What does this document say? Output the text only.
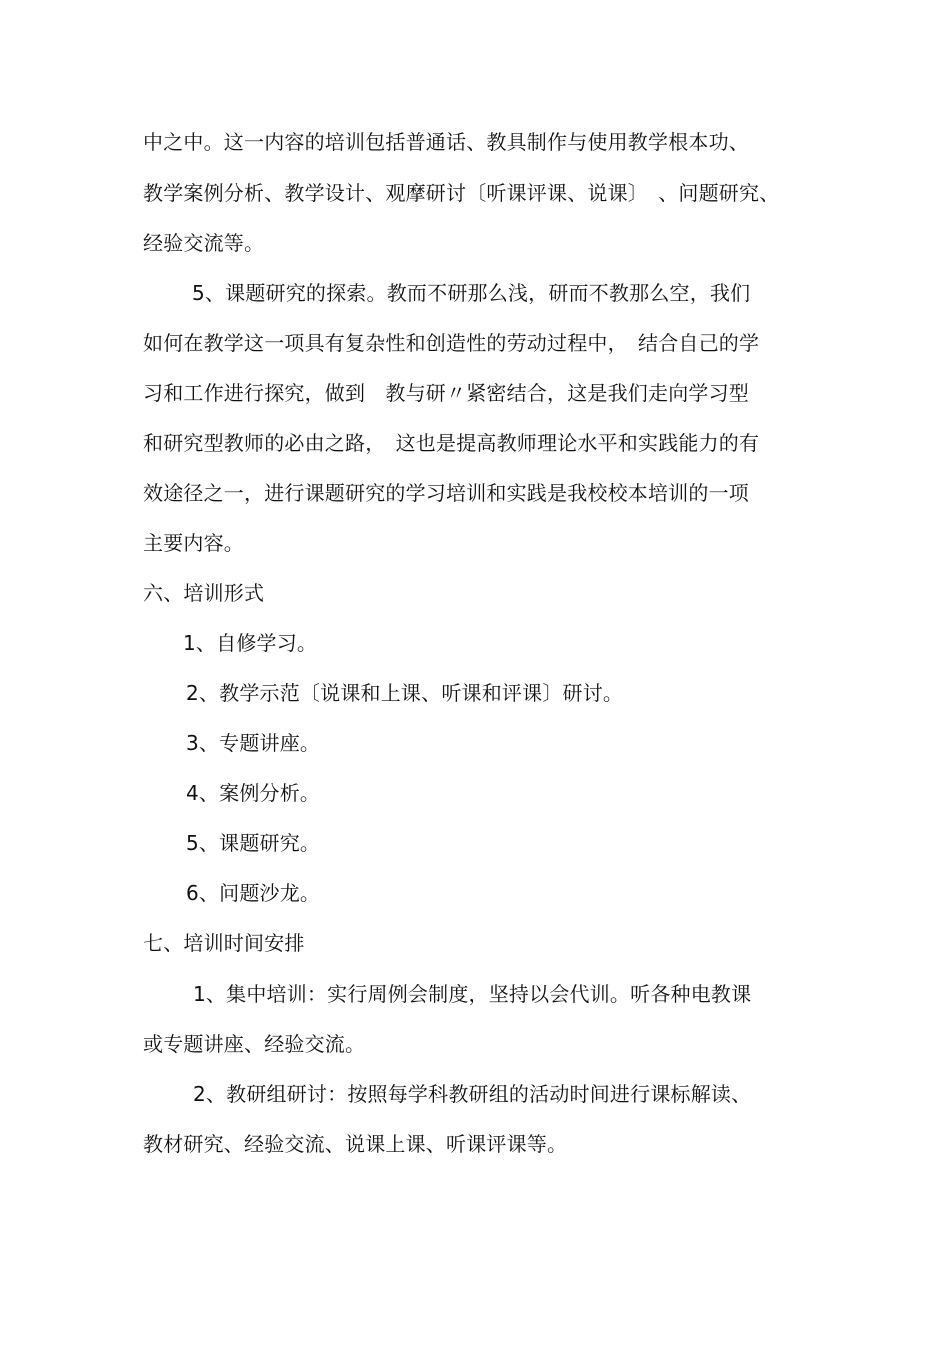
中之中。这一内容的培训包括普通话、教具制作与使用教学根本功、
教学案例分析、教学设计、观摩研讨〔听课评课、说课〕　、问题研究、
经验交流等。
5、课题研究的探索。教而不研那么浅，研而不教那么空，我们
如何在教学这一项具有复杂性和创造性的劳动过程中，　结合自己的学
习和工作进行探究，做到　教与研〃紧密结合，这是我们走向学习型
和研究型教师的必由之路，　这也是提高教师理论水平和实践能力的有
效途径之一，进行课题研究的学习培训和实践是我校校本培训的一项
主要内容。
六、培训形式
1、自修学习。
2、教学示范〔说课和上课、听课和评课〕研讨。
3、专题讲座。
4、案例分析。
5、课题研究。
6、问题沙龙。
七、培训时间安排
1、集中培训：实行周例会制度，坚持以会代训。听各种电教课
或专题讲座、经验交流。
2、教研组研讨：按照每学科教研组的活动时间进行课标解读、
教材研究、经验交流、说课上课、听课评课等。
